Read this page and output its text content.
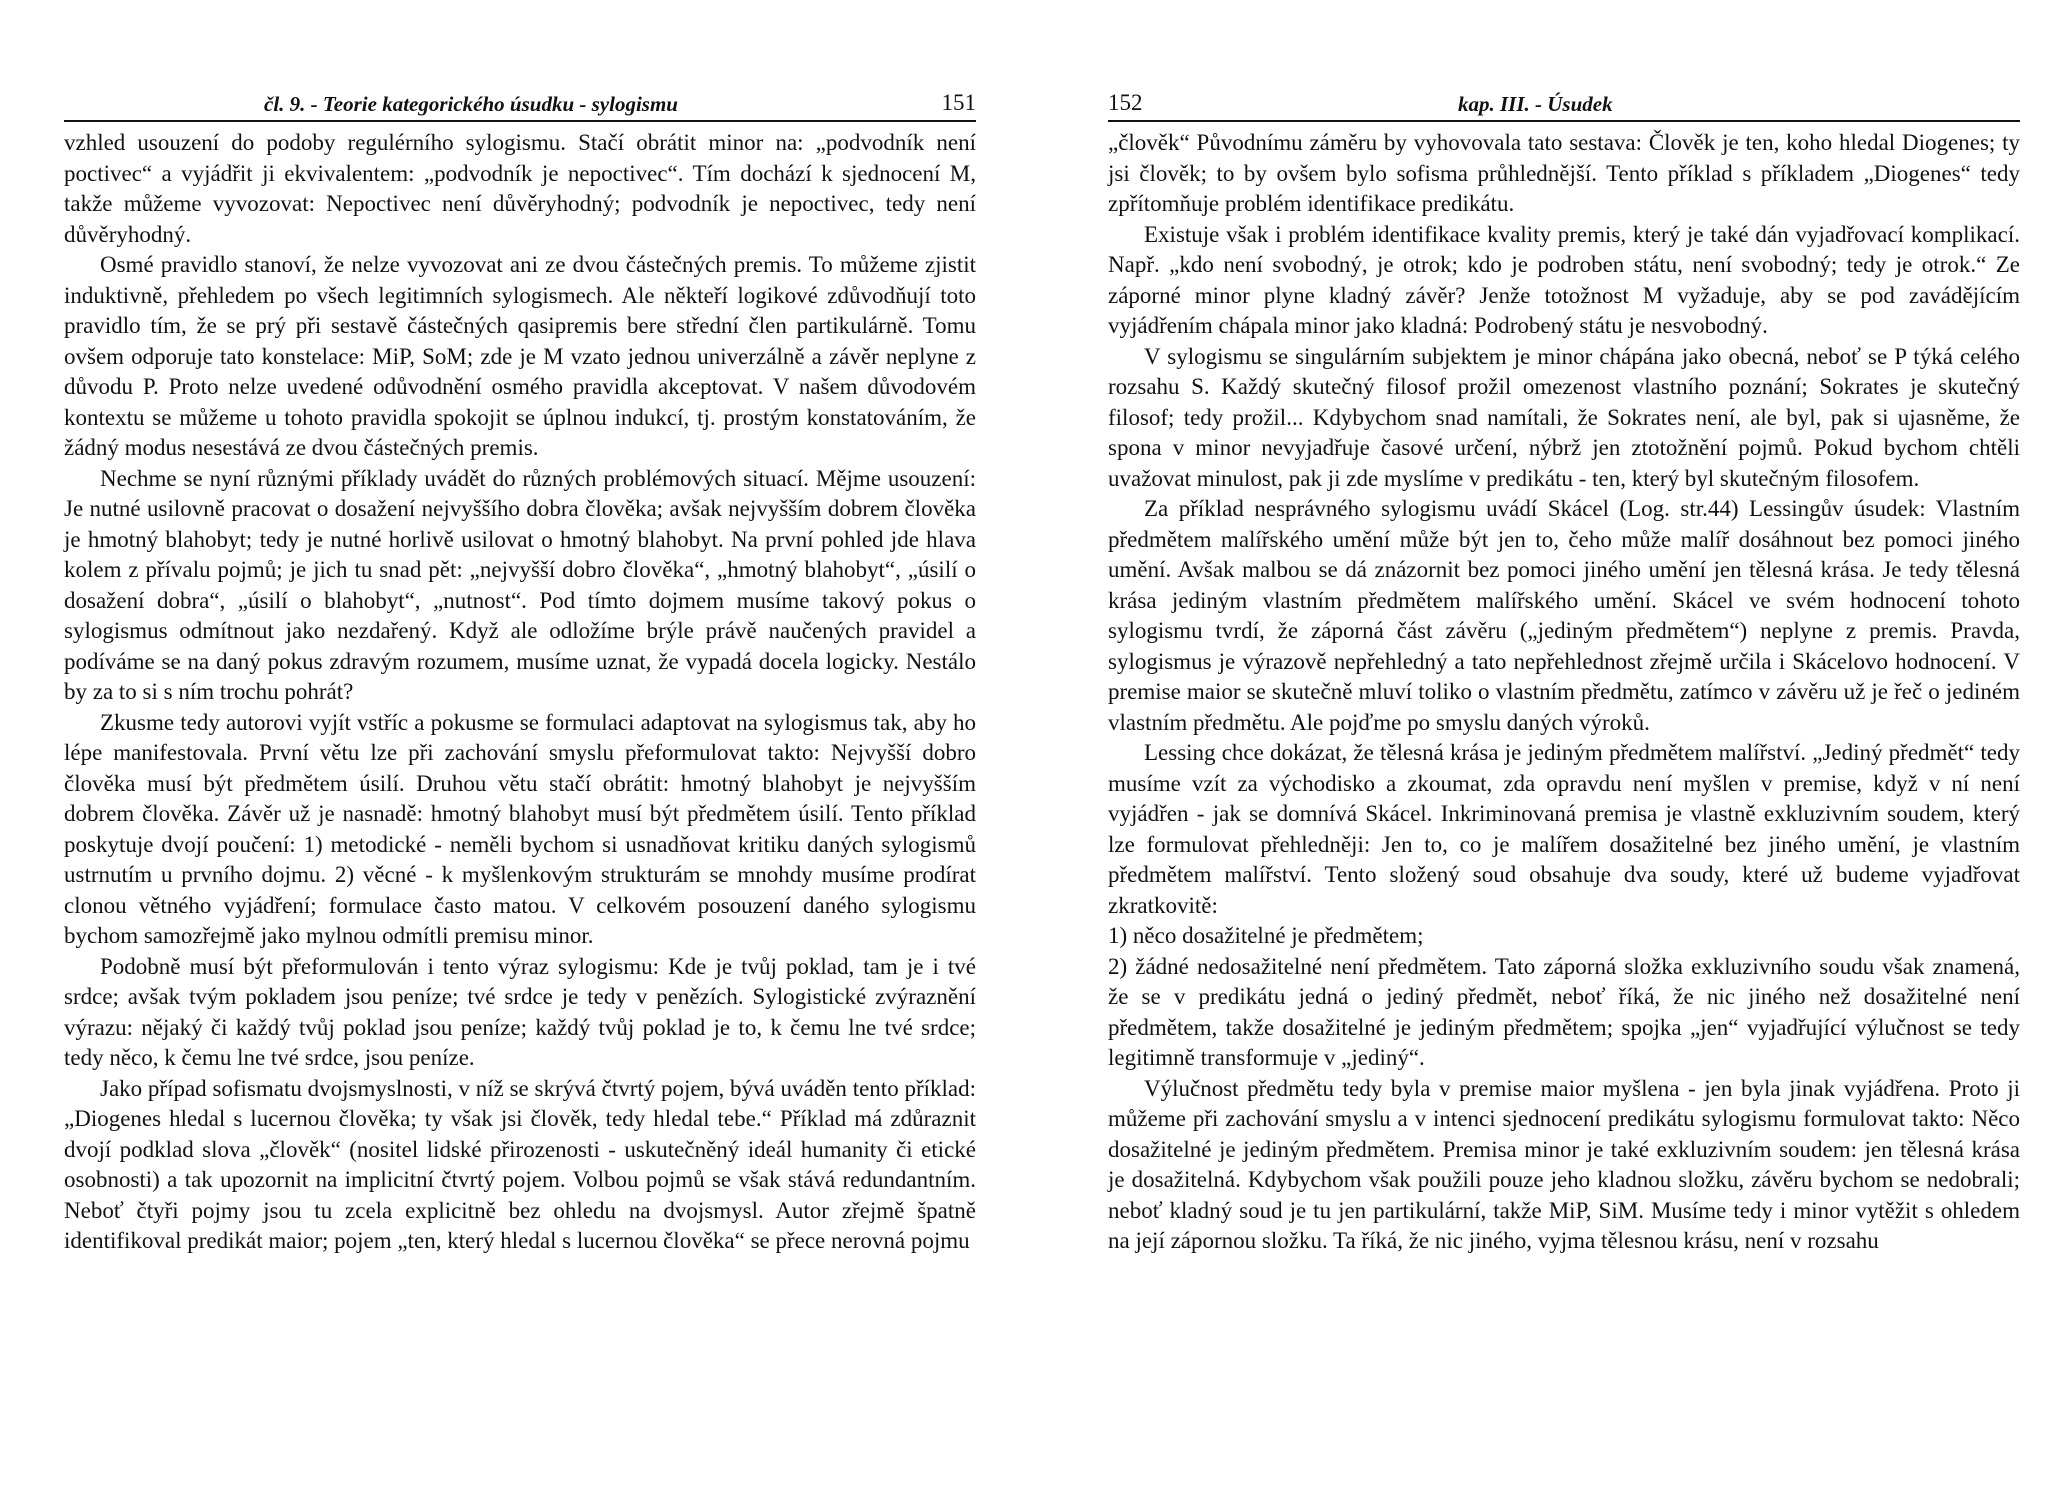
čl. 9. - Teorie kategorického úsudku - sylogismu	151

vzhled usouzení do podoby regulérního sylogismu. Stačí obrátit minor na: „podvodník není poctivec“ a vyjádřit ji ekvivalentem: „podvodník je nepoctivec“. Tím dochází k sjednocení M, takže můžeme vyvozovat: Nepoctivec není důvěryhodný; podvodník je nepoctivec, tedy není důvěryhodný.

Osmé pravidlo stanoví, že nelze vyvozovat ani ze dvou částečných premis. To můžeme zjistit induktivně, přehledem po všech legitimních sylogismech. Ale někteří logikové zdůvodňují toto pravidlo tím, že se prý při sestavě částečných qasipremis bere střední člen partikulárně. Tomu ovšem odporuje tato konstelace: MiP, SoM; zde je M vzato jednou univerzálně a závěr neplyne z důvodu P. Proto nelze uvedené odůvodnění osmého pravidla akceptovat. V našem důvodovém kontextu se můžeme u tohoto pravidla spokojit se úplnou indukcí, tj. prostým konstatováním, že žádný modus nesestává ze dvou částečných premis.

Nechme se nyní různými příklady uvádět do různých problémových situací. Mějme usouzení: Je nutné usilovně pracovat o dosažení nejvyššího dobra člověka; avšak nejvyšším dobrem člověka je hmotný blahobyt; tedy je nutné horlivě usilovat o hmotný blahobyt. Na první pohled jde hlava kolem z přívalu pojmů; je jich tu snad pět: „nejvyšší dobro člověka“, „hmotný blahobyt“, „úsilí o dosažení dobra“, „úsilí o blahobyt“, „nutnost“. Pod tímto dojmem musíme takový pokus o sylogismus odmítnout jako nezdařený. Když ale odložíme brýle právě naučených pravidel a podíváme se na daný pokus zdravým rozumem, musíme uznat, že vypadá docela logicky. Nestálo by za to si s ním trochu pohrát?

Zkusme tedy autorovi vyjít vstříc a pokusme se formulaci adaptovat na sylogismus tak, aby ho lépe manifestovala. První větu lze při zachování smyslu přeformulovat takto: Nejvyšší dobro člověka musí být předmětem úsilí. Druhou větu stačí obrátit: hmotný blahobyt je nejvyšším dobrem člověka. Závěr už je nasnadě: hmotný blahobyt musí být předmětem úsilí. Tento příklad poskytuje dvojí poučení: 1) metodické - neměli bychom si usnadňovat kritiku daných sylogismů ustrnutím u prvního dojmu. 2) věcné - k myšlenkovým strukturám se mnohdy musíme prodírat clonou větného vyjádření; formulace často matou. V celkovém posouzení daného sylogismu bychom samozřejmě jako mylnou odmítli premisu minor.

Podobně musí být přeformulován i tento výraz sylogismu: Kde je tvůj poklad, tam je i tvé srdce; avšak tvým pokladem jsou peníze; tvé srdce je tedy v penězích. Sylogistické zvýraznění výrazu: nějaký či každý tvůj poklad jsou peníze; každý tvůj poklad je to, k čemu lne tvé srdce; tedy něco, k čemu lne tvé srdce, jsou peníze.

Jako případ sofismatu dvojsmyslnosti, v níž se skrývá čtvrtý pojem, bývá uváděn tento příklad: „Diogenes hledal s lucernou člověka; ty však jsi člověk, tedy hledal tebe.“ Příklad má zdůraznit dvojí podklad slova „člověk“ (nositel lidské přirozenosti - uskutečněný ideál humanity či etické osobnosti) a tak upozornit na implicitní čtvrtý pojem. Volbou pojmů se však stává redundantním. Neboť čtyři pojmy jsou tu zcela explicitně bez ohledu na dvojsmysl. Autor zřejmě špatně identifikoval predikát maior; pojem „ten, který hledal s lucernou člověka“ se přece nerovná pojmu

152	kap. III. - Úsudek

„člověk“ Původnímu záměru by vyhovovala tato sestava: Člověk je ten, koho hledal Diogenes; ty jsi člověk; to by ovšem bylo sofisma průhlednější. Tento příklad s příkladem „Diogenes“ tedy zpřítomňuje problém identifikace predikátu.

Existuje však i problém identifikace kvality premis, který je také dán vyjadřovací komplikací. Např. „kdo není svobodný, je otrok; kdo je podroben státu, není svobodný; tedy je otrok.“ Ze záporné minor plyne kladný závěr? Jenže totožnost M vyžaduje, aby se pod zavádějícím vyjádřením chápala minor jako kladná: Podrobený státu je nesvobodný.

V sylogismu se singulárním subjektem je minor chápána jako obecná, neboť se P týká celého rozsahu S. Každý skutečný filosof prožil omezenost vlastního poznání; Sokrates je skutečný filosof; tedy prožil... Kdybychom snad namítali, že Sokrates není, ale byl, pak si ujasněme, že spona v minor nevyjadřuje časové určení, nýbrž jen ztotožnění pojmů. Pokud bychom chtěli uvažovat minulost, pak ji zde myslíme v predikátu - ten, který byl skutečným filosofem.

Za příklad nesprávného sylogismu uvádí Skácel (Log. str.44) Lessingův úsudek: Vlastním předmětem malířského umění může být jen to, čeho může malíř dosáhnout bez pomoci jiného umění. Avšak malbou se dá znázornit bez pomoci jiného umění jen tělesná krása. Je tedy tělesná krása jediným vlastním předmětem malířského umění. Skácel ve svém hodnocení tohoto sylogismu tvrdí, že záporná část závěru („jediným předmětem“) neplyne z premis. Pravda, sylogismus je výrazově nepřehledný a tato nepřehlednost zřejmě určila i Skácelovo hodnocení. V premise maior se skutečně mluví toliko o vlastním předmětu, zatímco v závěru už je řeč o jediném vlastním předmětu. Ale pojďme po smyslu daných výroků.

Lessing chce dokázat, že tělesná krása je jediným předmětem malířství. „Jediný předmět“ tedy musíme vzít za východisko a zkoumat, zda opravdu není myšlen v premise, když v ní není vyjádřen - jak se domnívá Skácel. Inkriminovaná premisa je vlastně exkluzivním soudem, který lze formulovat přehledněji: Jen to, co je malířem dosažitelné bez jiného umění, je vlastním předmětem malířství. Tento složený soud obsahuje dva soudy, které už budeme vyjadřovat zkratkovitě:

1) něco dosažitelné je předmětem;

2) žádné nedosažitelné není předmětem. Tato záporná složka exkluzivního soudu však znamená, že se v predikátu jedná o jediný předmět, neboť říká, že nic jiného než dosažitelné není předmětem, takže dosažitelné je jediným předmětem; spojka „jen“ vyjadřující výlučnost se tedy legitimně transformuje v „jediný“.

Výlučnost předmětu tedy byla v premise maior myšlena - jen byla jinak vyjádřena. Proto ji můžeme při zachování smyslu a v intenci sjednocení predikátu sylogismu formulovat takto: Něco dosažitelné je jediným předmětem. Premisa minor je také exkluzivním soudem: jen tělesná krása je dosažitelná. Kdybychom však použili pouze jeho kladnou složku, závěru bychom se nedobrali; neboť kladný soud je tu jen partikulární, takže MiP, SiM. Musíme tedy i minor vytěžit s ohledem na její zápornou složku. Ta říká, že nic jiného, vyjma tělesnou krásu, není v rozsahu
